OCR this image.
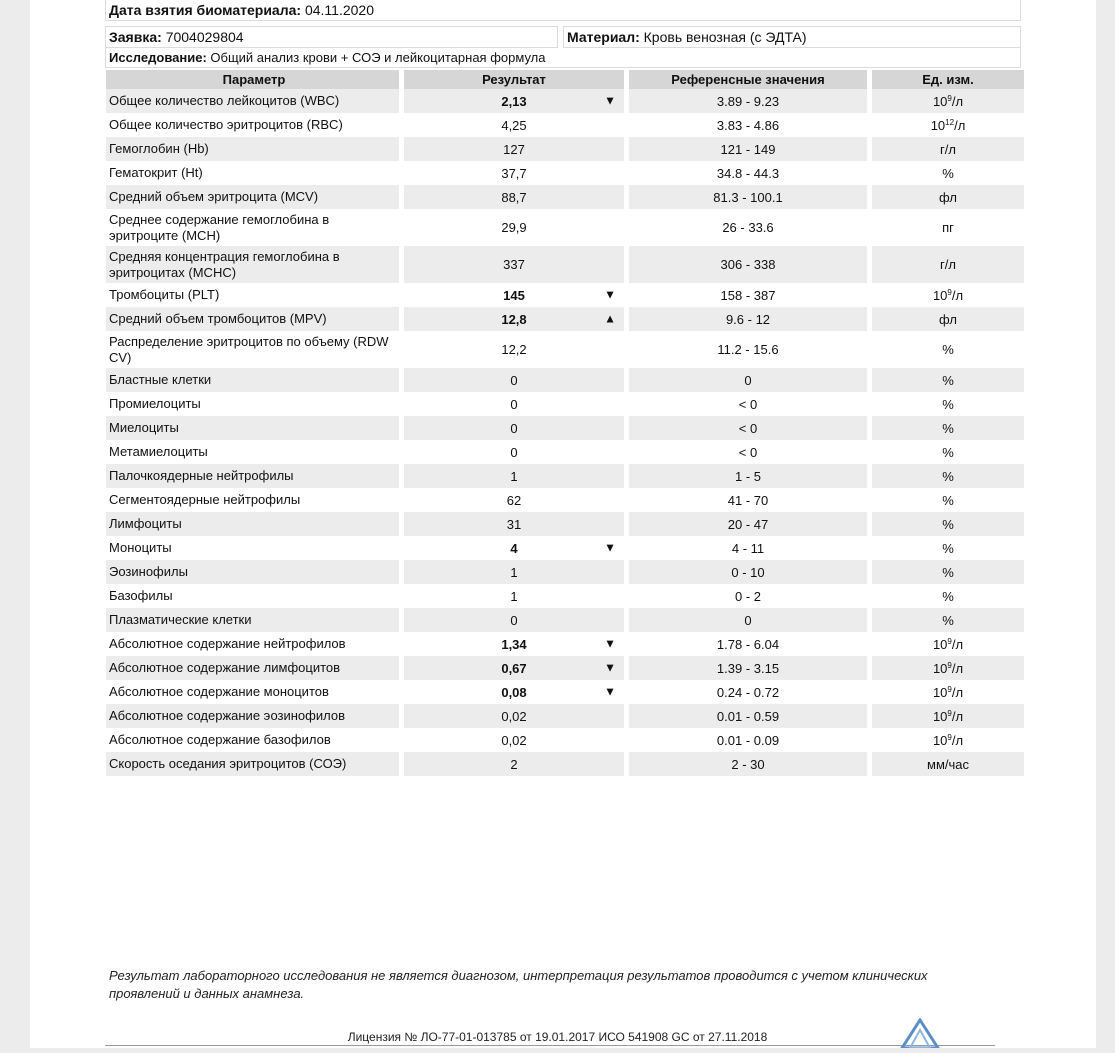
Дата взятия биоматериала: 04.11.2020
Заявка: 7004029804	Материал: Кровь венозная (с ЭДТА)
Исследование: Общий анализ крови + СОЭ и лейкоцитарная формула
Параметр		Результат		Референсные значения		Ед. изм.
Общее количество лейкоцитов (WBC)		2,13 ▼		3.89 - 9.23		$10^9/л$
Общее количество эритроцитов (RBC)		4,25		3.83 - 4.86		$10^{12}/л$
Гемоглобин (Hb)		127		121 - 149		г/л
Гематокрит (Ht)		37,7		34.8 - 44.3		%
Средний объем эритроцита (MCV)		88,7		81.3 - 100.1		фл
Среднее содержание гемоглобина в эритроците (MCH)		29,9		26 - 33.6		пг
Средняя концентрация гемоглобина в эритроцитах (MCHC)		337		306 - 338		г/л
Тромбоциты (PLT)		145 ▼		158 - 387		$10^9/л$
Средний объем тромбоцитов (MPV)		12,8 ▲		9.6 - 12		фл
Распределение эритроцитов по объему (RDW CV)		12,2		11.2 - 15.6		%
Бластные клетки		0		0		%
Промиелоциты		0		< 0		%
Миелоциты		0		< 0		%
Метамиелоциты		0		< 0		%
Палочкоядерные нейтрофилы		1		1 - 5		%
Сегментоядерные нейтрофилы		62		41 - 70		%
Лимфоциты		31		20 - 47		%
Моноциты		4 ▼		4 - 11		%
Эозинофилы		1		0 - 10		%
Базофилы		1		0 - 2		%
Плазматические клетки		0		0		%
Абсолютное содержание нейтрофилов		1,34 ▼		1.78 - 6.04		$10^9/л$
Абсолютное содержание лимфоцитов		0,67 ▼		1.39 - 3.15		$10^9/л$
Абсолютное содержание моноцитов		0,08 ▼		0.24 - 0.72		$10^9/л$
Абсолютное содержание эозинофилов		0,02		0.01 - 0.59		$10^9/л$
Абсолютное содержание базофилов		0,02		0.01 - 0.09		$10^9/л$
Скорость оседания эритроцитов (СОЭ)		2		2 - 30		мм/час
Результат лабораторного исследования не является диагнозом, интерпретация результатов проводится с учетом клинических проявлений и данных анамнеза.
Лицензия № ЛО-77-01-013785 от 19.01.2017 ИСО 541908 GC от 27.11.2018
